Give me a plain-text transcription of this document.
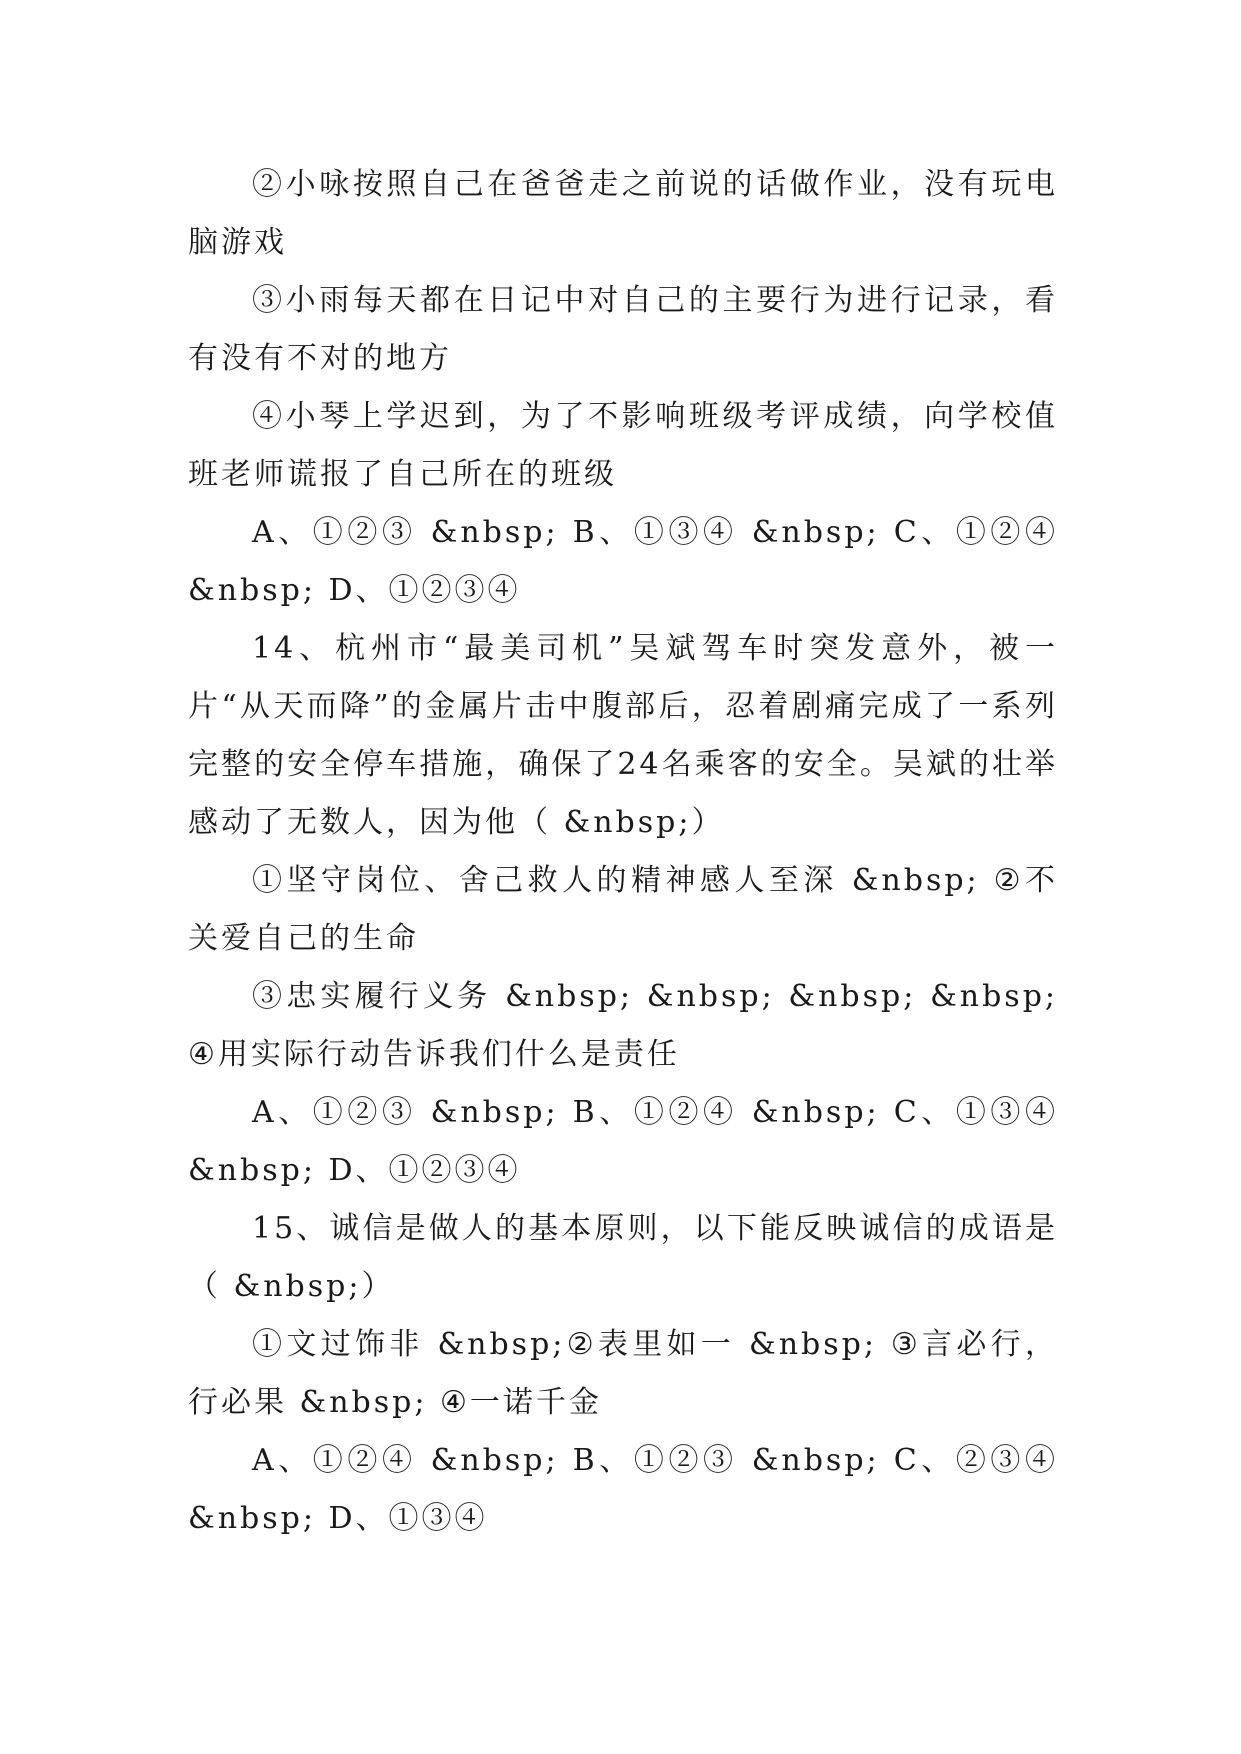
②小咏按照自己在爸爸走之前说的话做作业，没有玩电脑游戏

③小雨每天都在日记中对自己的主要行为进行记录，看有没有不对的地方

④小琴上学迟到，为了不影响班级考评成绩，向学校值班老师谎报了自己所在的班级

A、①②③ &nbsp; B、①③④ &nbsp; C、①②④ &nbsp; D、①②③④

14、杭州市“最美司机”吴斌驾车时突发意外，被一片“从天而降”的金属片击中腹部后，忍着剧痛完成了一系列完整的安全停车措施，确保了24名乘客的安全。吴斌的壮举感动了无数人，因为他（ &nbsp;）

①坚守岗位、舍己救人的精神感人至深 &nbsp; ②不关爱自己的生命

③忠实履行义务 &nbsp; &nbsp; &nbsp; &nbsp;④用实际行动告诉我们什么是责任

A、①②③ &nbsp; B、①②④ &nbsp; C、①③④ &nbsp; D、①②③④

15、诚信是做人的基本原则，以下能反映诚信的成语是（ &nbsp;）

①文过饰非 &nbsp;②表里如一 &nbsp; ③言必行，行必果 &nbsp; ④一诺千金

A、①②④ &nbsp; B、①②③ &nbsp; C、②③④ &nbsp; D、①③④
